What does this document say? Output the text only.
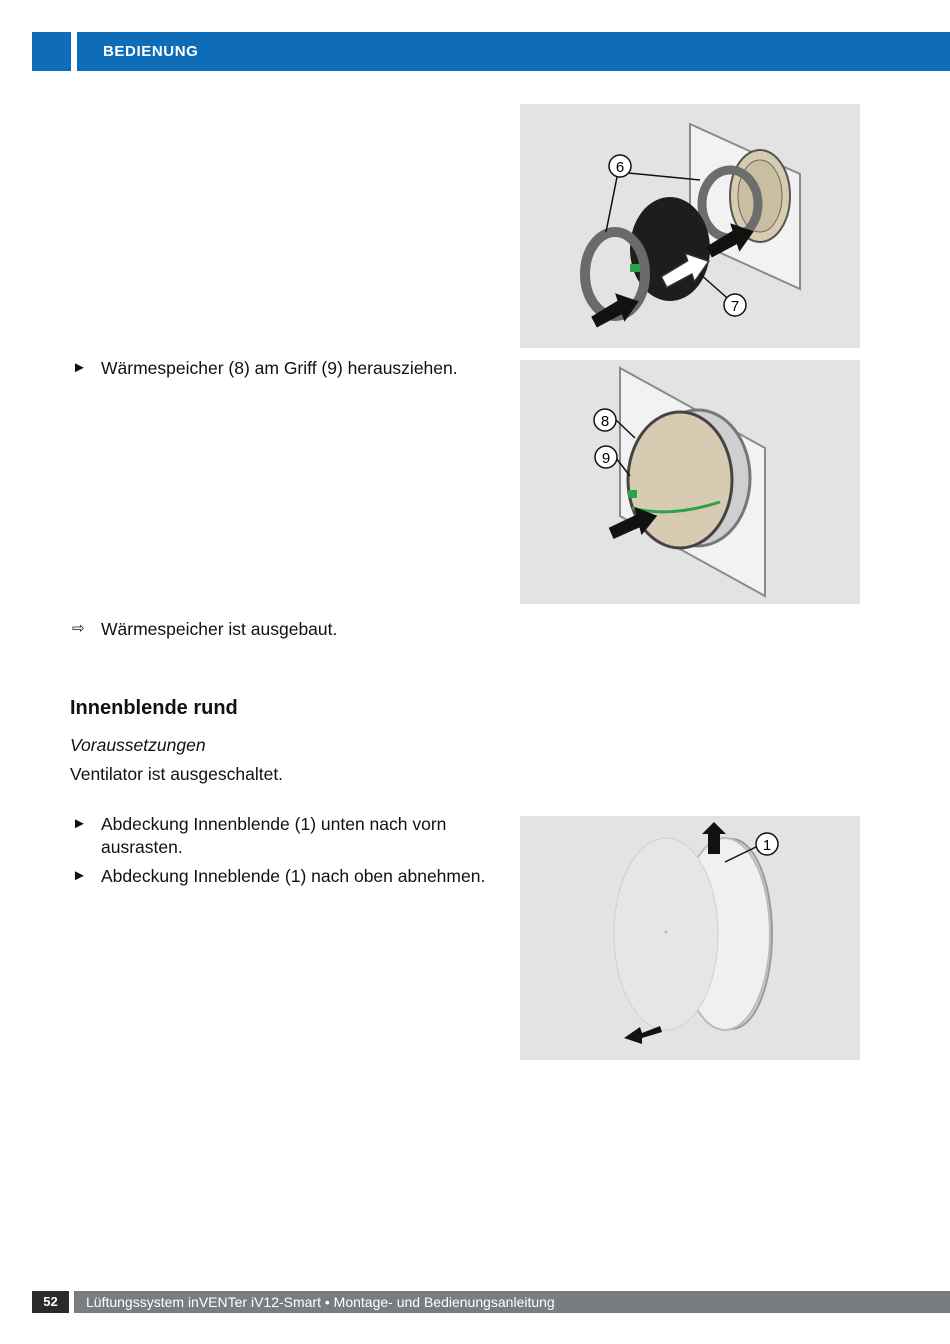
BEDIENUNG
6
7
► Wärmespeicher (8) am Griff (9) herausziehen.
8
9
⇨ Wärmespeicher ist ausgebaut.
Innenblende rund
Voraussetzungen
Ventilator ist ausgeschaltet.
► Abdeckung Innenblende (1) unten nach vorn
ausrasten.
► Abdeckung Inneblende (1) nach oben abnehmen.
1
52	Lüftungssystem inVENTer iV12-Smart • Montage- und Bedienungsanleitung
